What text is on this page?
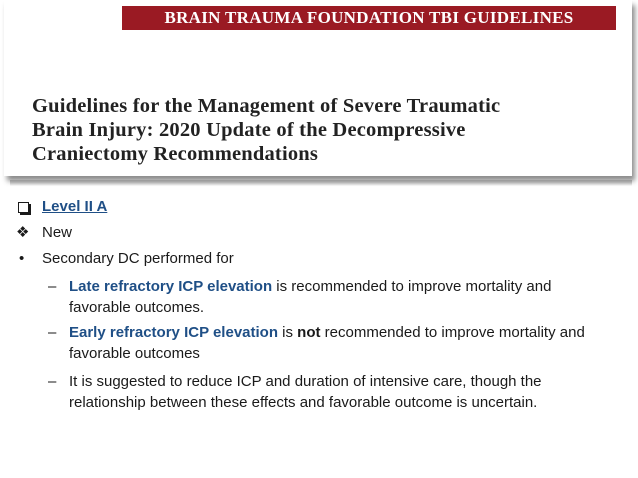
BRAIN TRAUMA FOUNDATION TBI GUIDELINES
Guidelines for the Management of Severe Traumatic
Brain Injury: 2020 Update of the Decompressive
Craniectomy Recommendations
Level II A
❖ New
• Secondary DC performed for
– Late refractory ICP elevation is recommended to improve mortality and
favorable outcomes.
– Early refractory ICP elevation is not recommended to improve mortality and
favorable outcomes
– It is suggested to reduce ICP and duration of intensive care, though the
relationship between these effects and favorable outcome is uncertain.
